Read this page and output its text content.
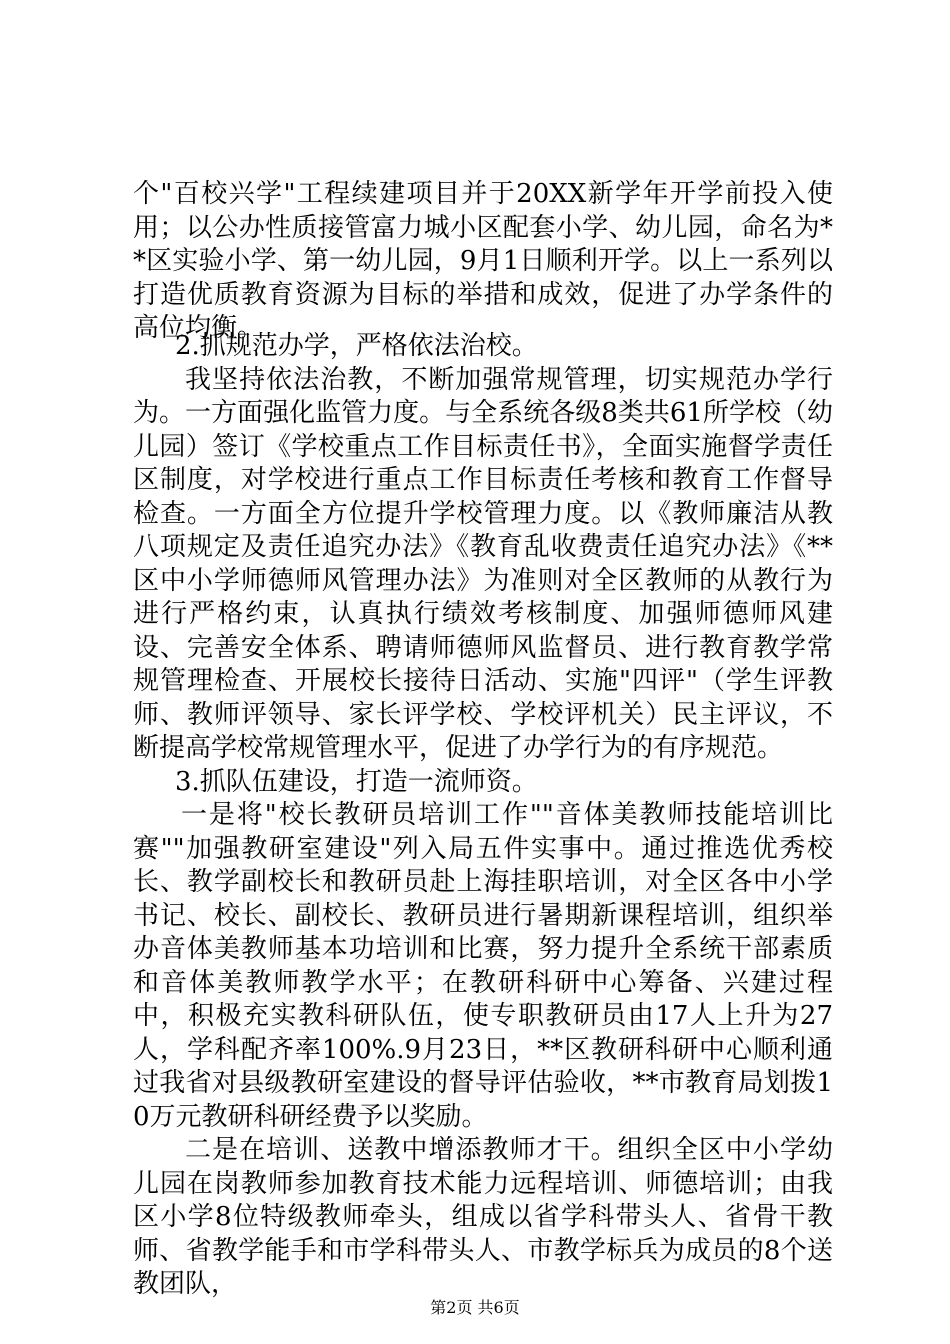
个"百校兴学"工程续建项目并于20XX新学年开学前投入使用；以公办性质接管富力城小区配套小学、幼儿园，命名为**区实验小学、第一幼儿园，9月1日顺利开学。以上一系列以打造优质教育资源为目标的举措和成效，促进了办学条件的高位均衡。

2.抓规范办学，严格依法治校。

我坚持依法治教，不断加强常规管理，切实规范办学行为。一方面强化监管力度。与全系统各级8类共61所学校（幼儿园）签订《学校重点工作目标责任书》，全面实施督学责任区制度，对学校进行重点工作目标责任考核和教育工作督导检查。一方面全方位提升学校管理力度。以《教师廉洁从教八项规定及责任追究办法》《教育乱收费责任追究办法》《**区中小学师德师风管理办法》为准则对全区教师的从教行为进行严格约束，认真执行绩效考核制度、加强师德师风建设、完善安全体系、聘请师德师风监督员、进行教育教学常规管理检查、开展校长接待日活动、实施"四评"（学生评教师、教师评领导、家长评学校、学校评机关）民主评议，不断提高学校常规管理水平，促进了办学行为的有序规范。

3.抓队伍建设，打造一流师资。

一是将"校长教研员培训工作""音体美教师技能培训比赛""加强教研室建设"列入局五件实事中。通过推选优秀校长、教学副校长和教研员赴上海挂职培训，对全区各中小学书记、校长、副校长、教研员进行暑期新课程培训，组织举办音体美教师基本功培训和比赛，努力提升全系统干部素质和音体美教师教学水平；在教研科研中心筹备、兴建过程中，积极充实教科研队伍，使专职教研员由17人上升为27人，学科配齐率100%.9月23日，**区教研科研中心顺利通过我省对县级教研室建设的督导评估验收，**市教育局划拨10万元教研科研经费予以奖励。

二是在培训、送教中增添教师才干。组织全区中小学幼儿园在岗教师参加教育技术能力远程培训、师德培训；由我区小学8位特级教师牵头，组成以省学科带头人、省骨干教师、省教学能手和市学科带头人、市教学标兵为成员的8个送教团队，

第2页 共6页
